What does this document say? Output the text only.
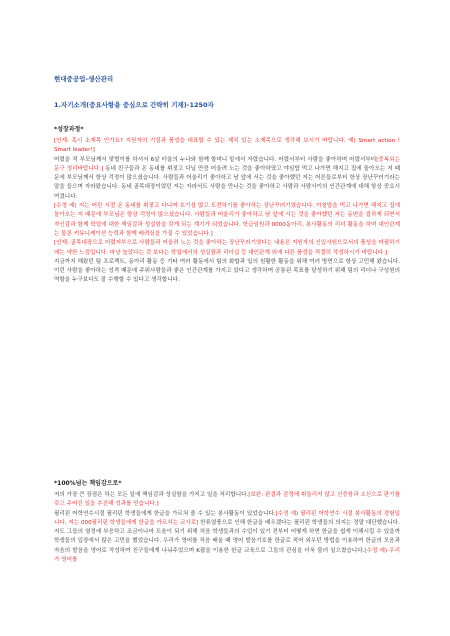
현대중공업-생산관리
1.자기소개(중요사항을 중심으로 간략히 기재)-1250자
*성장과정*

[인재: 혹시 소재목 인가요? 지원자의 기질과 품성을 대표할 수 있는 제치 있는 소제목으로 생각해 보시기 바랍니다. 예) Smart action ! Smart leader!]

어렸을 적 부모님께서 맞벌이를 하셔서 6살 터울의 누나와 함께 할머니 밑에서 자랐습니다. 어렸서부터 사람을 좋아하며 어렸서부터[중복되는 문구 정리바랍니다.] 동네 친구들과 온 동네를 휘젓고 다닐 만큼 어울려 노는 것을 좋아하였고 야심밥 먹고 나가면 해지고 집에 돌아오는 저 때문에 부모님께서 항상 걱정이 많으셨습니다. 사람들과 어울리기 좋아하고 남 앞에 서는 것을 좋아했던 저는 어른들로부터 항상 장난꾸러기라는 말을 들으며 자라왔습니다. 동네 골목대장이었던 저는 자라서도 사람을 만나는 것을 좋아하고 사람과 사람사이의 인간관계에 대해 항상 중요시 여겼니다.

[수정 예) 저는 어린 시절 온 동네를 휘젓고 다니며 호기심 많고 도전하기를 좋아하는 장난꾸러기였습니다. 아침밥을 먹고 나가면 해지고 집에 돌아오는 저 때문에 부모님은 항상 걱정이 많으셨습니다. 사람들과 어울리기 좋아하고 남 앞에 서는 것을 좋아했던 저는 동변을 접하게 되면서 자신감과 함께 학업에 대한 책임감과 성실함을 갖게 되는 계기가 되었습니다. 학급임원과 0000동아리, 봉사활동의 리더 활동을 하며 대인관계는 물론 커뮤니케이션 능력과 함께 배려심을 가질 수 있었습니다.]

[인재: 골목대장으로 어렸저부으로 사람들과 어울려 노는 것을 좋아하는 장난꾸러기였다는 내용은 지원자의 신입사원으로서의 품성을 어필하기에는 약한 느낌입니다. 마냥 놀았다는 것 보다는 학업에서의 성실함과 리더십 등 대인관계 외에 다른 품성을 적절히 작성하시기 바랍니다.]

지금까지 해왔던 팀 프로젝트, 동아리 활동 등 기타 여러 활동에서 팀의 화합과 일의 원활한 활동을 위해 여러 방면으로 항상 고민해 왔습니다. 이런 사람을 좋아하는 성격 때문에 주위사람들과 좋은 인간관계를 가지고 있다고 생각하며 공통된 목표를 달성하기 위해 팀의 리더나 구성원의 역할을 누구보다도 잘 수행할 수 있다고 생각합니다.

*100%넘는 책임감으로*

저의 가장 큰 장점은 하는 모든 일에 책임감과 성실함을 가지고 일을 처리합니다.[보완: 판결과 감정에 휘둘리지 않고 신중함과 소신으로 판기를 갖고 주어진 일을 추진해 성과를 얻습니다.]

필리핀 어학연수시절 필리핀 학생들에게 한글을 가르쳐 줄 수 있는 봉사활동이 있었습니다.[수정 예) 필리핀 어학연수 시절 봉사활동의 경험입니다. 저는 000필리핀 학생들에게 한글을 가르치는 교사로] 한류열풍으로 인해 한글을 배우겠다는 필리핀 학생들의 의지는 정말 대단했습니다. 저도 그들의 열정에 부응하고 조금이나마 도움이 되기 위해 처음 학생들과의 수업이 있기 전부터 어떻게 하면 한글을 쉽게 이해시킬 수 있을까 학생들의 입장에서 많은 고민을 했었습니다. 우리가 영어를 처음 배울 때 영어 발음기호를 한글로 적어 외우던 방법을 이용하여 한글의 모음과 자음의 발음을 영어로 작성하여 친구들에게 나눠주었으며 K팝을 이용한 한글 교육으로 그들의 관심을 더욱 불러 일으켰습니다.[수정 예) 우리가 영어를
